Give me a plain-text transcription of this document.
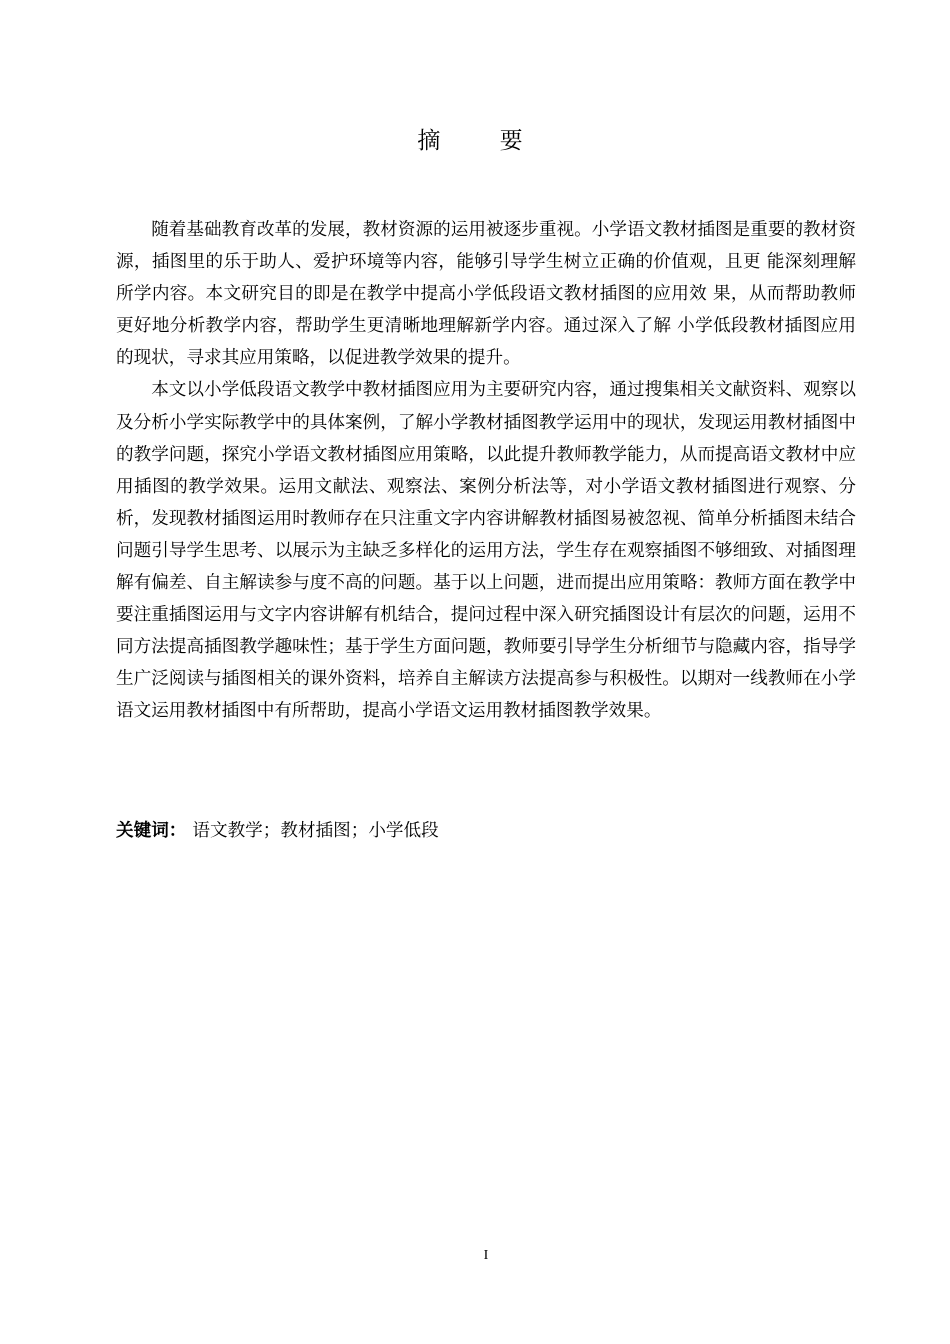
摘 要

随着基础教育改革的发展，教材资源的运用被逐步重视。小学语文教材插图是重要的教材资源，插图里的乐于助人、爱护环境等内容，能够引导学生树立正确的价值观，且更 能深刻理解所学内容。本文研究目的即是在教学中提高小学低段语文教材插图的应用效 果，从而帮助教师更好地分析教学内容，帮助学生更清晰地理解新学内容。通过深入了解 小学低段教材插图应用的现状，寻求其应用策略，以促进教学效果的提升。

本文以小学低段语文教学中教材插图应用为主要研究内容，通过搜集相关文献资料、观察以及分析小学实际教学中的具体案例，了解小学教材插图教学运用中的现状，发现运用教材插图中的教学问题，探究小学语文教材插图应用策略，以此提升教师教学能力，从而提高语文教材中应用插图的教学效果。运用文献法、观察法、案例分析法等，对小学语文教材插图进行观察、分析，发现教材插图运用时教师存在只注重文字内容讲解教材插图易被忽视、简单分析插图未结合问题引导学生思考、以展示为主缺乏多样化的运用方法，学生存在观察插图不够细致、对插图理解有偏差、自主解读参与度不高的问题。基于以上问题，进而提出应用策略：教师方面在教学中要注重插图运用与文字内容讲解有机结合，提问过程中深入研究插图设计有层次的问题，运用不同方法提高插图教学趣味性；基于学生方面问题，教师要引导学生分析细节与隐藏内容，指导学生广泛阅读与插图相关的课外资料，培养自主解读方法提高参与积极性。以期对一线教师在小学语文运用教材插图中有所帮助，提高小学语文运用教材插图教学效果。

关键词： 语文教学；教材插图；小学低段
I
